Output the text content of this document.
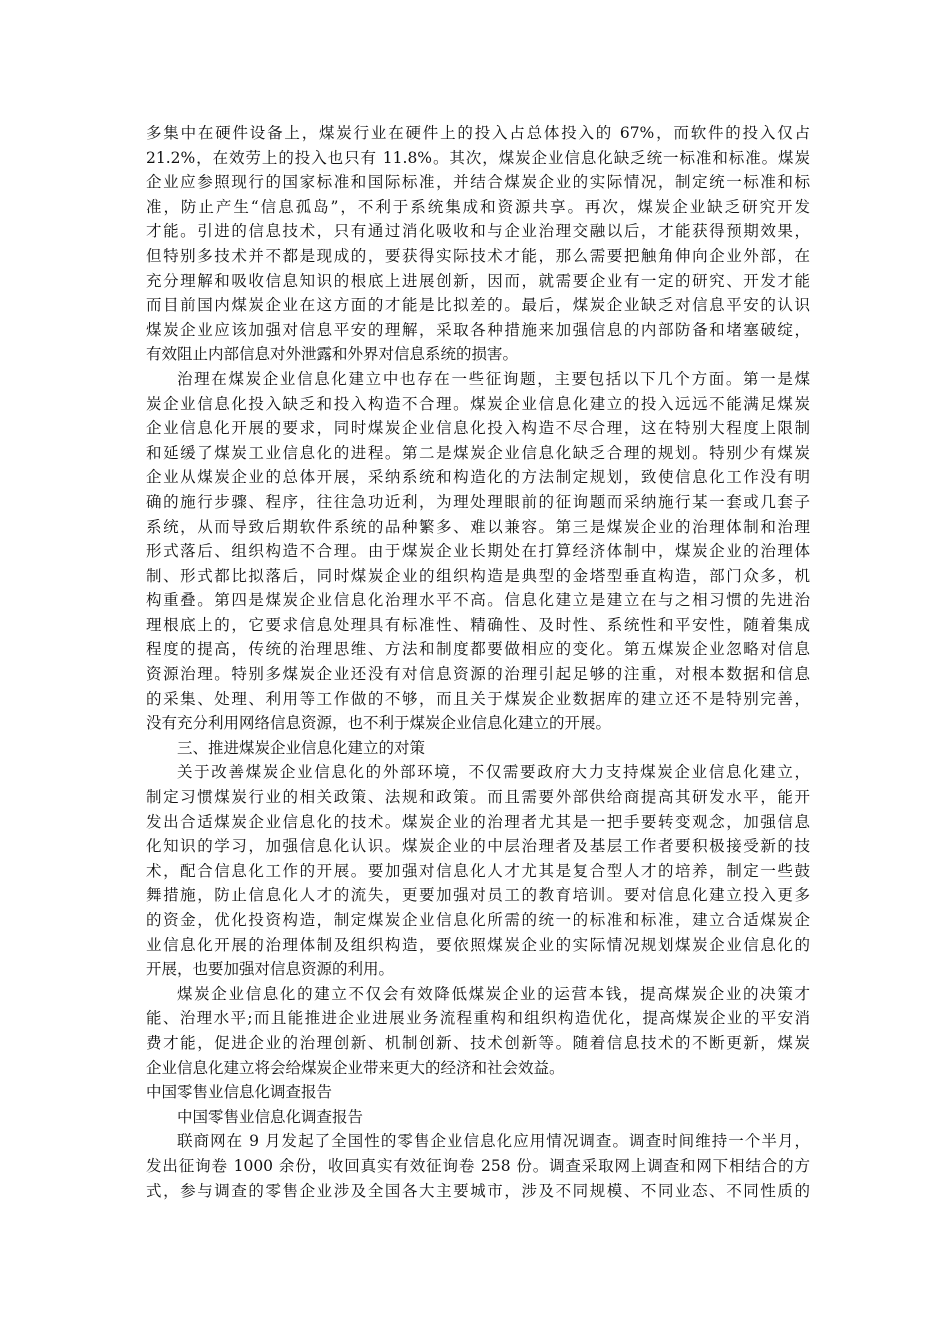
多集中在硬件设备上，煤炭行业在硬件上的投入占总体投入的 67%，而软件的投入仅占
21.2%，在效劳上的投入也只有 11.8%。其次，煤炭企业信息化缺乏统一标准和标准。煤炭
企业应参照现行的国家标准和国际标准，并结合煤炭企业的实际情况，制定统一标准和标
准，防止产生“信息孤岛”，不利于系统集成和资源共享。再次，煤炭企业缺乏研究开发
才能。引进的信息技术，只有通过消化吸收和与企业治理交融以后，才能获得预期效果，
但特别多技术并不都是现成的，要获得实际技术才能，那么需要把触角伸向企业外部，在
充分理解和吸收信息知识的根底上进展创新，因而，就需要企业有一定的研究、开发才能
而目前国内煤炭企业在这方面的才能是比拟差的。最后，煤炭企业缺乏对信息平安的认识
煤炭企业应该加强对信息平安的理解，采取各种措施来加强信息的内部防备和堵塞破绽，
有效阻止内部信息对外泄露和外界对信息系统的损害。
治理在煤炭企业信息化建立中也存在一些征询题，主要包括以下几个方面。第一是煤
炭企业信息化投入缺乏和投入构造不合理。煤炭企业信息化建立的投入远远不能满足煤炭
企业信息化开展的要求，同时煤炭企业信息化投入构造不尽合理，这在特别大程度上限制
和延缓了煤炭工业信息化的进程。第二是煤炭企业信息化缺乏合理的规划。特别少有煤炭
企业从煤炭企业的总体开展，采纳系统和构造化的方法制定规划，致使信息化工作没有明
确的施行步骤、程序，往往急功近利，为理处理眼前的征询题而采纳施行某一套或几套子
系统，从而导致后期软件系统的品种繁多、难以兼容。第三是煤炭企业的治理体制和治理
形式落后、组织构造不合理。由于煤炭企业长期处在打算经济体制中，煤炭企业的治理体
制、形式都比拟落后，同时煤炭企业的组织构造是典型的金塔型垂直构造，部门众多，机
构重叠。第四是煤炭企业信息化治理水平不高。信息化建立是建立在与之相习惯的先进治
理根底上的，它要求信息处理具有标准性、精确性、及时性、系统性和平安性，随着集成
程度的提高，传统的治理思维、方法和制度都要做相应的变化。第五煤炭企业忽略对信息
资源治理。特别多煤炭企业还没有对信息资源的治理引起足够的注重，对根本数据和信息
的采集、处理、利用等工作做的不够，而且关于煤炭企业数据库的建立还不是特别完善，
没有充分利用网络信息资源，也不利于煤炭企业信息化建立的开展。
三、推进煤炭企业信息化建立的对策
关于改善煤炭企业信息化的外部环境，不仅需要政府大力支持煤炭企业信息化建立，
制定习惯煤炭行业的相关政策、法规和政策。而且需要外部供给商提高其研发水平，能开
发出合适煤炭企业信息化的技术。煤炭企业的治理者尤其是一把手要转变观念，加强信息
化知识的学习，加强信息化认识。煤炭企业的中层治理者及基层工作者要积极接受新的技
术，配合信息化工作的开展。要加强对信息化人才尤其是复合型人才的培养，制定一些鼓
舞措施，防止信息化人才的流失，更要加强对员工的教育培训。要对信息化建立投入更多
的资金，优化投资构造，制定煤炭企业信息化所需的统一的标准和标准，建立合适煤炭企
业信息化开展的治理体制及组织构造，要依照煤炭企业的实际情况规划煤炭企业信息化的
开展，也要加强对信息资源的利用。
煤炭企业信息化的建立不仅会有效降低煤炭企业的运营本钱，提高煤炭企业的决策才
能、治理水平;而且能推进企业进展业务流程重构和组织构造优化，提高煤炭企业的平安消
费才能，促进企业的治理创新、机制创新、技术创新等。随着信息技术的不断更新，煤炭
企业信息化建立将会给煤炭企业带来更大的经济和社会效益。
中国零售业信息化调查报告
中国零售业信息化调查报告
联商网在 9 月发起了全国性的零售企业信息化应用情况调查。调查时间维持一个半月，
发出征询卷 1000 余份，收回真实有效征询卷 258 份。调查采取网上调查和网下相结合的方
式，参与调查的零售企业涉及全国各大主要城市，涉及不同规模、不同业态、不同性质的
